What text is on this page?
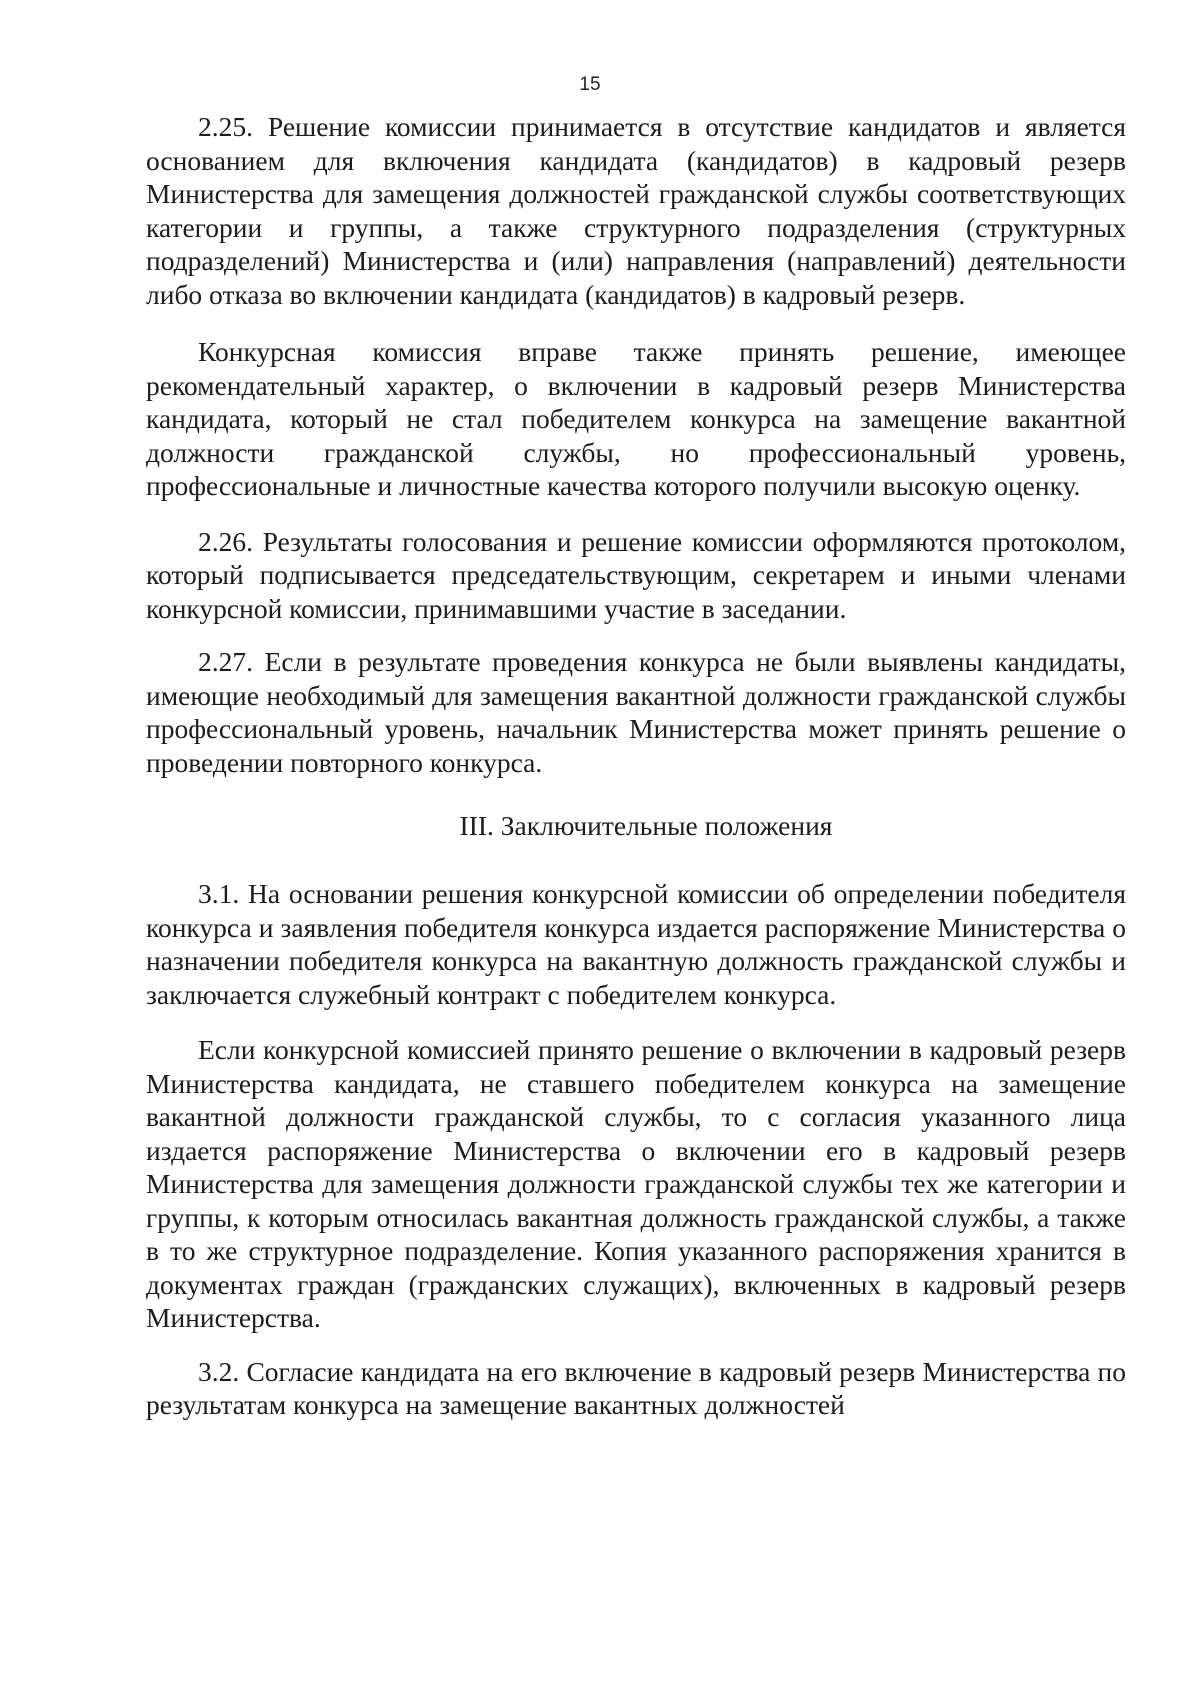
15

2.25. Решение комиссии принимается в отсутствие кандидатов и является основанием для включения кандидата (кандидатов) в кадровый резерв Министерства для замещения должностей гражданской службы соответствующих категории и группы, а также структурного подразделения (структурных подразделений) Министерства и (или) направления (направлений) деятельности либо отказа во включении кандидата (кандидатов) в кадровый резерв.

Конкурсная комиссия вправе также принять решение, имеющее рекомендательный характер, о включении в кадровый резерв Министерства кандидата, который не стал победителем конкурса на замещение вакантной должности гражданской службы, но профессиональный уровень, профессиональные и личностные качества которого получили высокую оценку.

2.26. Результаты голосования и решение комиссии оформляются протоколом, который подписывается председательствующим, секретарем и иными членами конкурсной комиссии, принимавшими участие в заседании.

2.27. Если в результате проведения конкурса не были выявлены кандидаты, имеющие необходимый для замещения вакантной должности гражданской службы профессиональный уровень, начальник Министерства может принять решение о проведении повторного конкурса.

III. Заключительные положения

3.1. На основании решения конкурсной комиссии об определении победителя конкурса и заявления победителя конкурса издается распоряжение Министерства о назначении победителя конкурса на вакантную должность гражданской службы и заключается служебный контракт с победителем конкурса.

Если конкурсной комиссией принято решение о включении в кадровый резерв Министерства кандидата, не ставшего победителем конкурса на замещение вакантной должности гражданской службы, то с согласия указанного лица издается распоряжение Министерства о включении его в кадровый резерв Министерства для замещения должности гражданской службы тех же категории и группы, к которым относилась вакантная должность гражданской службы, а также в то же структурное подразделение. Копия указанного распоряжения хранится в документах граждан (гражданских служащих), включенных в кадровый резерв Министерства.

3.2. Согласие кандидата на его включение в кадровый резерв Министерства по результатам конкурса на замещение вакантных должностей
